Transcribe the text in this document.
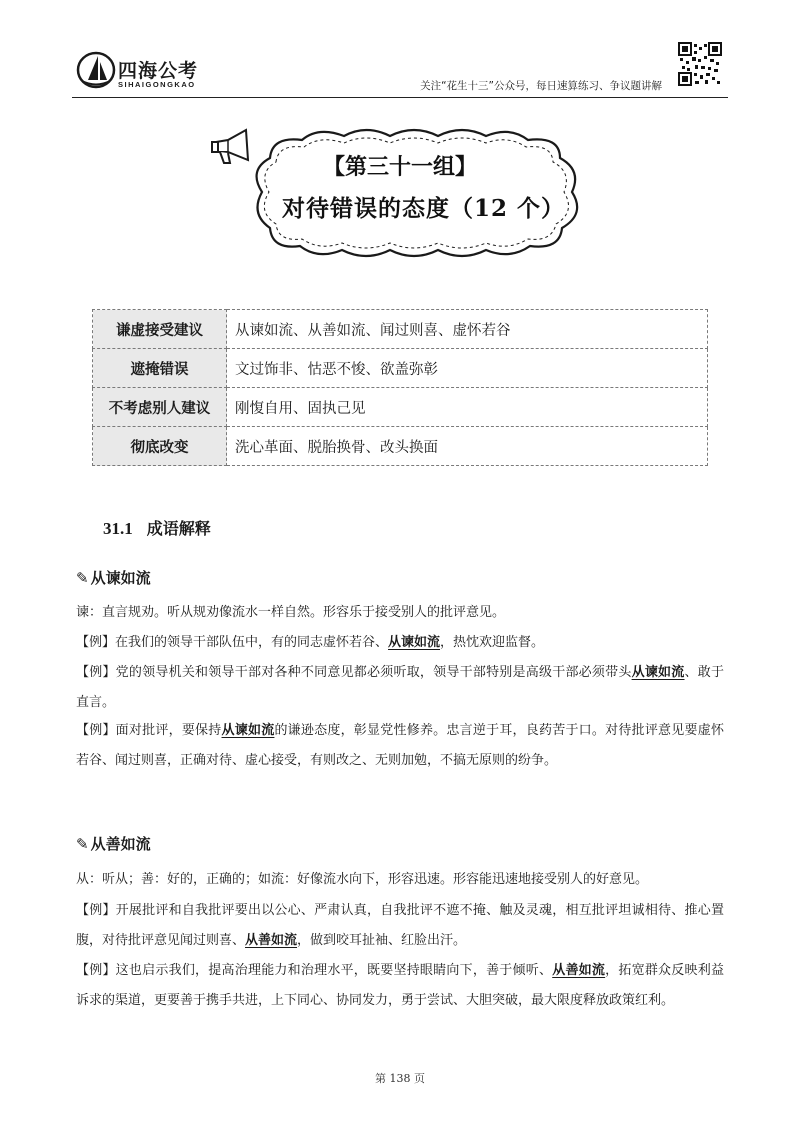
四海公考
SIHAIGONGKAO	关注“花生十三”公众号，每日速算练习、争议题讲解
【第三十一组】
对待错误的态度（12 个）
谦虚接受建议	从谏如流、从善如流、闻过则喜、虚怀若谷
遮掩错误	文过饰非、怙恶不悛、欲盖弥彰
不考虑别人建议	刚愎自用、固执己见
彻底改变	洗心革面、脱胎换骨、改头换面
31.1 成语解释
✎ 从谏如流
谏：直言规劝。听从规劝像流水一样自然。形容乐于接受别人的批评意见。
【例】在我们的领导干部队伍中，有的同志虚怀若谷、从谏如流，热忱欢迎监督。
【例】党的领导机关和领导干部对各种不同意见都必须听取，领导干部特别是高级干部必须带头从谏如流、敢于直言。
【例】面对批评，要保持从谏如流的谦逊态度，彰显党性修养。忠言逆于耳，良药苦于口。对待批评意见要虚怀若谷、闻过则喜，正确对待、虚心接受，有则改之、无则加勉，不搞无原则的纷争。
✎ 从善如流
从：听从；善：好的，正确的；如流：好像流水向下，形容迅速。形容能迅速地接受别人的好意见。
【例】开展批评和自我批评要出以公心、严肃认真，自我批评不遮不掩、触及灵魂，相互批评坦诚相待、推心置腹，对待批评意见闻过则喜、从善如流，做到咬耳扯袖、红脸出汗。
【例】这也启示我们，提高治理能力和治理水平，既要坚持眼睛向下，善于倾听、从善如流，拓宽群众反映利益诉求的渠道，更要善于携手共进，上下同心、协同发力，勇于尝试、大胆突破，最大限度释放政策红利。
第 138 页
